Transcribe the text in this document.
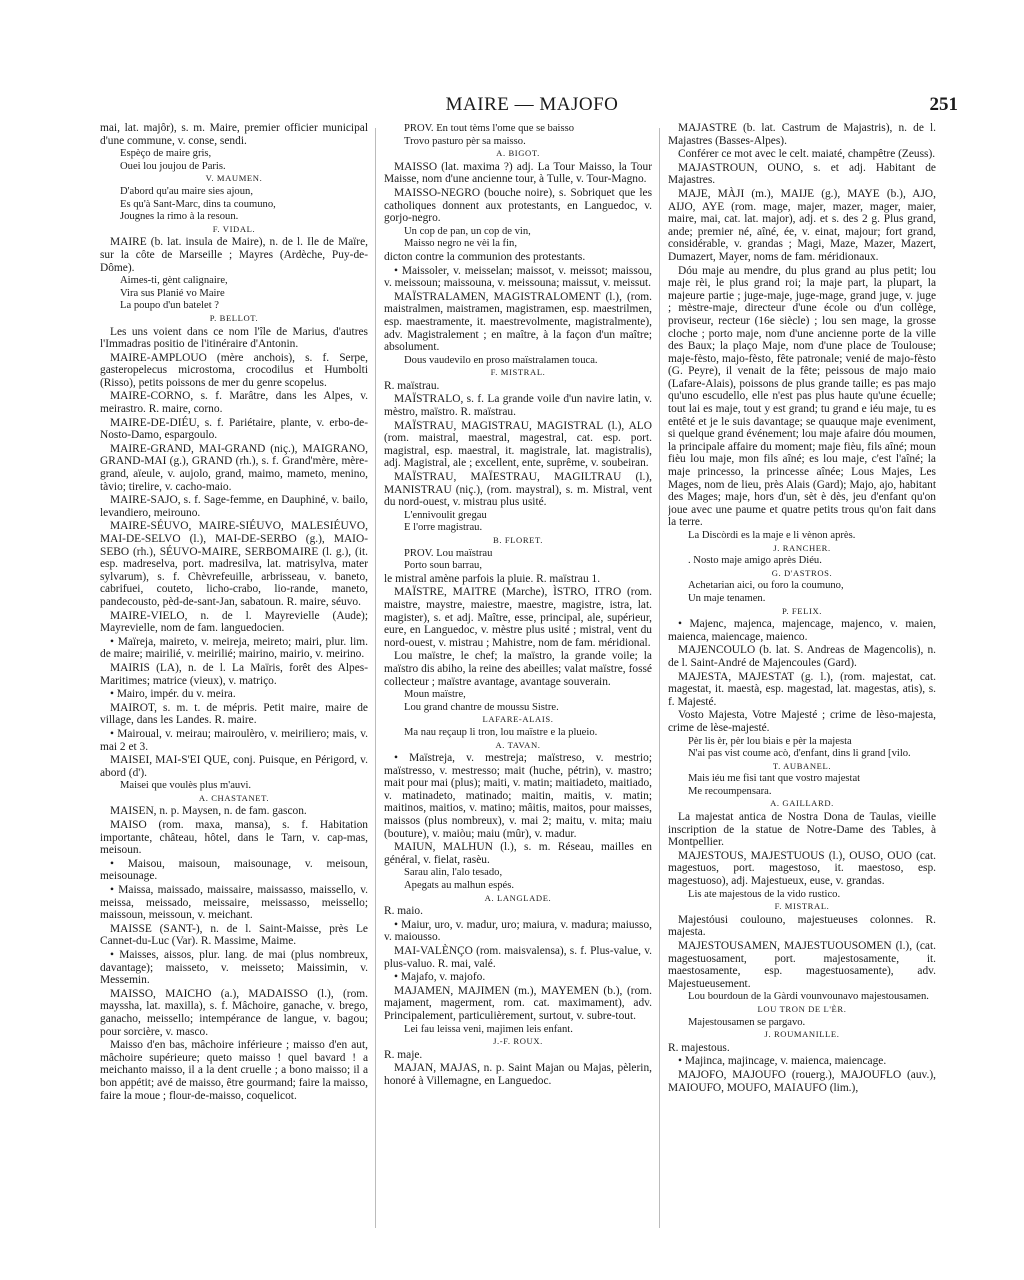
MAIRE — MAJOFO	251

mai, lat. majôr), s. m. Maire, premier officier municipal d'une commune, v. conse, sendi.

Espèço de maire gris,

Ouei lou joujou de Paris.

V. MAUMEN.

D'abord qu'au maire sies ajoun,

Es qu'à Sant-Marc, dins ta coumuno,

Jougnes la rimo à la resoun.

F. VIDAL.

MAIRE (b. lat. insula de Maire), n. de l. Ile de Maïre, sur la côte de Marseille ; Mayres (Ardèche, Puy-de-Dôme).

Aimes-ti, gènt calignaire,

Vira sus Planié vo Maire

La poupo d'un batelet ?

P. BELLOT.

Les uns voient dans ce nom l'île de Marius, d'autres l'Immadras positio de l'itinéraire d'Antonin.

MAIRE-AMPLOUO (mère anchois), s. f. Serpe, gasteropelecus microstoma, crocodilus et Humbolti (Risso), petits poissons de mer du genre scopelus.

MAIRE-CORNO, s. f. Marâtre, dans les Alpes, v. meirastro. R. maire, corno.

MAIRE-DE-DIÉU, s. f. Pariétaire, plante, v. erbo-de-Nosto-Damo, espargoulo.

MAIRE-GRAND, MAI-GRAND (niç.), MAIGRANO, GRAND-MAI (g.), GRAND (rh.), s. f. Grand'mère, mère-grand, aïeule, v. aujolo, grand, maimo, mameto, menino, tàvio; tirelire, v. cacho-maio.

MAIRE-SAJO, s. f. Sage-femme, en Dauphiné, v. bailo, levandiero, meirouno.

MAIRE-SÉUVO, MAIRE-SIÉUVO, MALESIÉUVO, MAI-DE-SELVO (l.), MAI-DE-SERBO (g.), MAIO-SEBO (rh.), SÉUVO-MAIRE, SERBOMAIRE (l. g.), (it. esp. madreselva, port. madresilva, lat. matrisylva, mater sylvarum), s. f. Chèvrefeuille, arbrisseau, v. baneto, cabrifuei, couteto, licho-crabo, lio-rande, maneto, pandecousto, pèd-de-sant-Jan, sabatoun. R. maire, séuvo.

MAIRE-VIELO, n. de l. Mayrevielle (Aude); Mayrevielle, nom de fam. languedocien.

• Maïreja, maireto, v. meireja, meireto; mairi, plur. lim. de maire; mairilié, v. meirilié; mairino, mairio, v. meirino.

MAIRIS (LA), n. de l. La Maïris, forêt des Alpes-Maritimes; matrice (vieux), v. matriço.

• Mairo, impér. du v. meira.

MAIROT, s. m. t. de mépris. Petit maire, maire de village, dans les Landes. R. maire.

• Mairoual, v. meirau; mairoulèro, v. meiriliero; mais, v. mai 2 et 3.

MAISEI, MAI-S'EI QUE, conj. Puisque, en Périgord, v. abord (d').

Maisei que voulès plus m'auvi.

A. CHASTANET.

MAISEN, n. p. Maysen, n. de fam. gascon.

MAISO (rom. maxa, mansa), s. f. Habitation importante, château, hôtel, dans le Tarn, v. cap-mas, meisoun.

• Maisou, maisoun, maisounage, v. meisoun, meisounage.

• Maissa, maissado, maissaire, maissasso, maissello, v. meissa, meissado, meissaire, meissasso, meissello; maissoun, meissoun, v. meichant.

MAISSE (SANT-), n. de l. Saint-Maisse, près Le Cannet-du-Luc (Var). R. Massime, Maime.

• Maisses, aissos, plur. lang. de mai (plus nombreux, davantage); maisseto, v. meisseto; Maissimin, v. Messemin.

MAISSO, MAICHO (a.), MADAISSO (l.), (rom. mayssha, lat. maxilla), s. f. Mâchoire, ganache, v. brego, ganacho, meissello; intempérance de langue, v. bagou; pour sorcière, v. masco.

Maisso d'en bas, mâchoire inférieure ; maisso d'en aut, mâchoire supérieure; queto maisso ! quel bavard ! a meichanto maisso, il a la dent cruelle ; a bono maisso; il a bon appétit; avé de maisso, être gourmand; faire la maisso, faire la moue ; flour-de-maisso, coquelicot.

PROV. En tout tèms l'ome que se baisso

Trovo pasturo pèr sa maisso.

A. BIGOT.

MAISSO (lat. maxima ?) adj. La Tour Maisso, la Tour Maisse, nom d'une ancienne tour, à Tulle, v. Tour-Magno.

MAISSO-NEGRO (bouche noire), s. Sobriquet que les catholiques donnent aux protestants, en Languedoc, v. gorjo-negro.

Un cop de pan, un cop de vin,

Maisso negro ne vèi la fin,

dicton contre la communion des protestants.

• Maissoler, v. meisselan; maissot, v. meissot; maissou, v. meissoun; maissouna, v. meissouna; maissut, v. meissut.

MAÏSTRALAMEN, MAGISTRALOMENT (l.), (rom. maistralmen, maistramen, magistramen, esp. maestrilmen, esp. maestramente, it. maestrevolmente, magistralmente), adv. Magistralement ; en maître, à la façon d'un maître; absolument.

Dous vaudevilo en proso maïstralamen touca.

F. MISTRAL.

R. maïstrau.

MAÏSTRALO, s. f. La grande voile d'un navire latin, v. mèstro, maïstro. R. maïstrau.

MAÏSTRAU, MAGISTRAU, MAGISTRAL (l.), ALO (rom. maistral, maestral, magestral, cat. esp. port. magistral, esp. maestral, it. magistrale, lat. magistralis), adj. Magistral, ale ; excellent, ente, suprême, v. soubeiran.

MAÏSTRAU, MAÏESTRAU, MAGILTRAU (l.), MANISTRAU (niç.), (rom. maystral), s. m. Mistral, vent du nord-ouest, v. mistrau plus usité.

L'ennivoulit gregau

E l'orre magistrau.

B. FLORET.

PROV. Lou maïstrau

Porto soun barrau,

le mistral amène parfois la pluie. R. maïstrau 1.

MAÏSTRE, MAITRE (Marche), ÌSTRO, ITRO (rom. maistre, maystre, maiestre, maestre, magistre, istra, lat. magister), s. et adj. Maître, esse, principal, ale, supérieur, eure, en Languedoc, v. mèstre plus usité ; mistral, vent du nord-ouest, v. mistrau ; Mahistre, nom de fam. méridional.

Lou maïstre, le chef; la maïstro, la grande voile; la maïstro dis abiho, la reine des abeilles; valat maïstre, fossé collecteur ; maïstre avantage, avantage souverain.

Moun maïstre,

Lou grand chantre de moussu Sistre.

LAFARE-ALAIS.

Ma nau reçaup li tron, lou maïstre e la plueio.

A. TAVAN.

• Maïstreja, v. mestreja; maïstreso, v. mestrio; maïstresso, v. mestresso; mait (huche, pétrin), v. mastro; mait pour mai (plus); maiti, v. matin; maitiadeto, maitiado, v. matinadeto, matinado; maitin, maitis, v. matin; maitinos, maitios, v. matino; mâitis, maitos, pour maisses, maissos (plus nombreux), v. mai 2; maitu, v. mita; maiu (bouture), v. maiòu; maiu (mûr), v. madur.

MAIUN, MALHUN (l.), s. m. Réseau, mailles en général, v. fielat, rasèu.

Sarau alin, l'alo tesado,

Apegats au malhun espés.

A. LANGLADE.

R. maio.

• Maiur, uro, v. madur, uro; maiura, v. madura; maiusso, v. maiousso.

MAI-VALÈNÇO (rom. maisvalensa), s. f. Plus-value, v. plus-valuo. R. mai, valé.

• Majafo, v. majofo.

MAJAMEN, MAJIMEN (m.), MAYEMEN (b.), (rom. majament, magerment, rom. cat. maximament), adv. Principalement, particulièrement, surtout, v. subre-tout.

Lei fau leissa veni, majimen leis enfant.

J.-F. ROUX.

R. maje.

MAJAN, MAJAS, n. p. Saint Majan ou Majas, pèlerin, honoré à Villemagne, en Languedoc.

MAJASTRE (b. lat. Castrum de Majastris), n. de l. Majastres (Basses-Alpes).

Conférer ce mot avec le celt. maiaté, champêtre (Zeuss).

MAJASTROUN, OUNO, s. et adj. Habitant de Majastres.

MAJE, MÀJI (m.), MAIJE (g.), MAYE (b.), AJO, AIJO, AYE (rom. mage, majer, mazer, mager, maier, maire, mai, cat. lat. major), adj. et s. des 2 g. Plus grand, ande; premier né, aîné, ée, v. einat, majour; fort grand, considérable, v. grandas ; Magi, Maze, Mazer, Mazert, Dumazert, Mayer, noms de fam. méridionaux.

Dóu maje au mendre, du plus grand au plus petit; lou maje rèi, le plus grand roi; la maje part, la plupart, la majeure partie ; juge-maje, juge-mage, grand juge, v. juge ; mèstre-maje, directeur d'une école ou d'un collège, proviseur, recteur (16e siècle) ; lou sen mage, la grosse cloche ; porto maje, nom d'une ancienne porte de la ville des Baux; la plaço Maje, nom d'une place de Toulouse; maje-fèsto, majo-fèsto, fête patronale; venié de majo-fèsto (G. Peyre), il venait de la fête; peissous de majo maio (Lafare-Alais), poissons de plus grande taille; es pas majo qu'uno escudello, elle n'est pas plus haute qu'une écuelle; tout lai es maje, tout y est grand; tu grand e iéu maje, tu es entêté et je le suis davantage; se quauque maje eveniment, si quelque grand événement; lou maje afaire dóu moumen, la principale affaire du moment; maje fièu, fils aîné; moun fièu lou maje, mon fils aîné; es lou maje, c'est l'aîné; la maje princesso, la princesse aînée; Lous Majes, Les Mages, nom de lieu, près Alais (Gard); Majo, ajo, habitant des Mages; maje, hors d'un, sèt è dès, jeu d'enfant qu'on joue avec une paume et quatre petits trous qu'on fait dans la terre.

La Discòrdi es la maje e li vènon après.

J. RANCHER.

. Nosto maje amigo après Diéu.

G. D'ASTROS.

Achetarian aici, ou foro la coumuno,

Un maje tenamen.

P. FELIX.

• Majenc, majenca, majencage, majenco, v. maien, maienca, maiencage, maienco.

MAJENCOULO (b. lat. S. Andreas de Magencolis), n. de l. Saint-André de Majencoules (Gard).

MAJESTA, MAJESTAT (g. l.), (rom. majestat, cat. magestat, it. maestà, esp. magestad, lat. magestas, atis), s. f. Majesté.

Vosto Majesta, Votre Majesté ; crime de lèso-majesta, crime de lèse-majesté.

Pèr lis èr, pèr lou biais e pèr la majesta

N'ai pas vist coume acò, d'enfant, dins li grand [vilo.

T. AUBANEL.

Mais iéu me fisi tant que vostro majestat

Me recoumpensara.

A. GAILLARD.

La majestat antica de Nostra Dona de Taulas, vieille inscription de la statue de Notre-Dame des Tables, à Montpellier.

MAJESTOUS, MAJESTUOUS (l.), OUSO, OUO (cat. magestuos, port. magestoso, it. maestoso, esp. magestuoso), adj. Majestueux, euse, v. grandas.

Lis ate majestous de la vido rustico.

F. MISTRAL.

Majestóusi coulouno, majestueuses colonnes. R. majesta.

MAJESTOUSAMEN, MAJESTUOUSOMEN (l.), (cat. magestuosament, port. majestosamente, it. maestosamente, esp. magestuosamente), adv. Majestueusement.

Lou bourdoun de la Gàrdi vounvounavo majestousamen.

LOU TRON DE L'ÈR.

Majestousamen se pargavo.

J. ROUMANILLE.

R. majestous.

• Majinca, majincage, v. maienca, maiencage.

MAJOFO, MAJOUFO (rouerg.), MAJOUFLO (auv.), MAIOUFO, MOUFO, MAIAUFO (lim.),
